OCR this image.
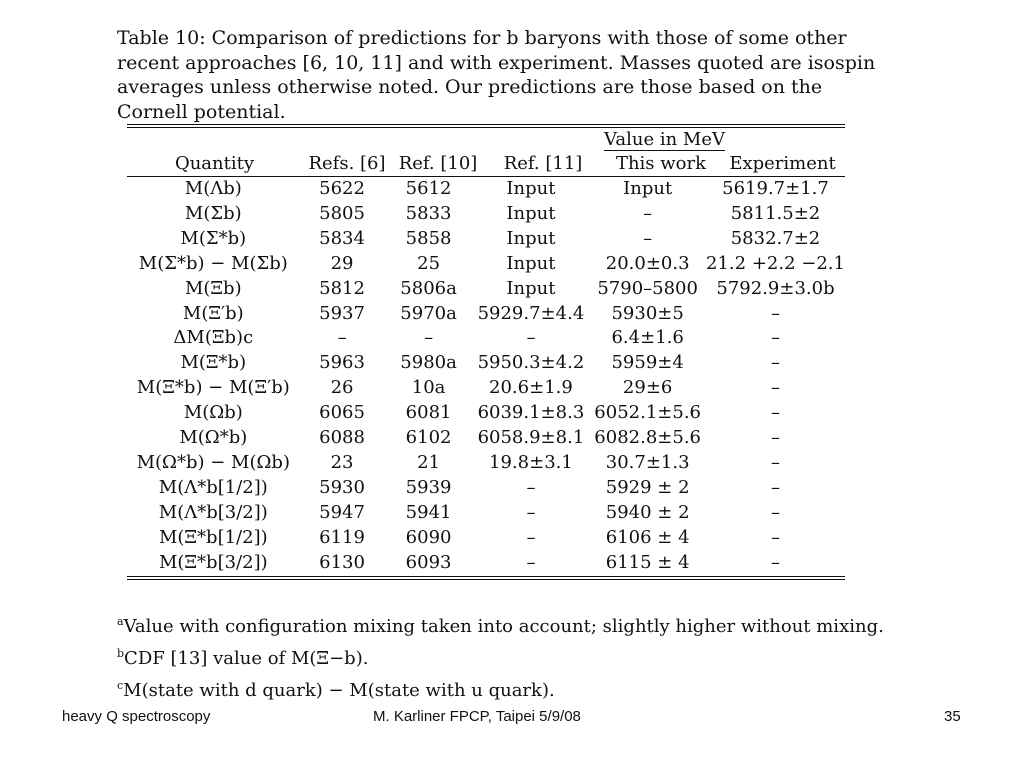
Table 10: Comparison of predictions for b baryons with those of some other recent approaches [6, 10, 11] and with experiment. Masses quoted are isospin averages unless otherwise noted. Our predictions are those based on the Cornell potential.
			Value in MeV		
Quantity	Refs. [6]	Ref. [10]	Ref. [11]	This work	Experiment
M(Λb)	5622	5612	Input	Input	5619.7±1.7
M(Σb)	5805	5833	Input	–	5811.5±2
M(Σ*b)	5834	5858	Input	–	5832.7±2
M(Σ*b) − M(Σb)	29	25	Input	20.0±0.3	21.2 +2.2 −2.1
M(Ξb)	5812	5806a	Input	5790–5800	5792.9±3.0b
M(Ξ′b)	5937	5970a	5929.7±4.4	5930±5	–
ΔM(Ξb)c	–	–	–	6.4±1.6	–
M(Ξ*b)	5963	5980a	5950.3±4.2	5959±4	–
M(Ξ*b) − M(Ξ′b)	26	10a	20.6±1.9	29±6	–
M(Ωb)	6065	6081	6039.1±8.3	6052.1±5.6	–
M(Ω*b)	6088	6102	6058.9±8.1	6082.8±5.6	–
M(Ω*b) − M(Ωb)	23	21	19.8±3.1	30.7±1.3	–
M(Λ*b[1/2])	5930	5939	–	5929 ± 2	–
M(Λ*b[3/2])	5947	5941	–	5940 ± 2	–
M(Ξ*b[1/2])	6119	6090	–	6106 ± 4	–
M(Ξ*b[3/2])	6130	6093	–	6115 ± 4	–
$^a$Value with configuration mixing taken into account; slightly higher without mixing.
$^b$CDF [13] value of M(Ξ−b).
$^c$M(state with d quark) − M(state with u quark).
heavy Q spectroscopy	M. Karliner FPCP, Taipei 5/9/08	35
